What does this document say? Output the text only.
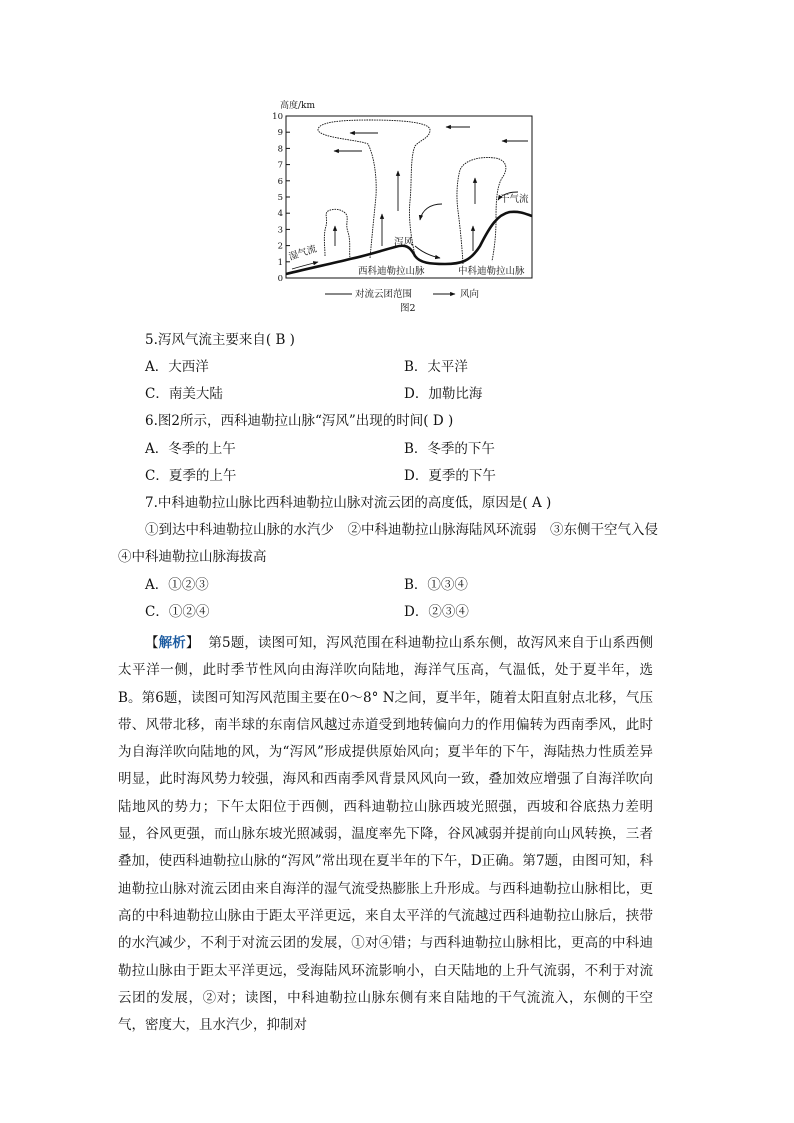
高度/km
0
1
2
3
4
5
6
7
8
9
10
湿气流
泻风
干气流
西科迪勒拉山脉	中科迪勒拉山脉
对流云团范围	风向
图2
5.泻风气流主要来自( B )
A．大西洋	B．太平洋
C．南美大陆	D．加勒比海
6.图2所示，西科迪勒拉山脉“泻风”出现的时间( D )
A．冬季的上午	B．冬季的下午
C．夏季的上午	D．夏季的下午
7.中科迪勒拉山脉比西科迪勒拉山脉对流云团的高度低，原因是( A )
①到达中科迪勒拉山脉的水汽少　②中科迪勒拉山脉海陆风环流弱　③东侧干空气入侵
④中科迪勒拉山脉海拔高
A．①②③	B．①③④
C．①②④	D．②③④
【解析】 第5题，读图可知，泻风范围在科迪勒拉山系东侧，故泻风来自于山系西侧太平洋一侧，此时季节性风向由海洋吹向陆地，海洋气压高，气温低，处于夏半年，选B。第6题，读图可知泻风范围主要在0～8° N之间，夏半年，随着太阳直射点北移，气压带、风带北移，南半球的东南信风越过赤道受到地转偏向力的作用偏转为西南季风，此时为自海洋吹向陆地的风，为“泻风”形成提供原始风向；夏半年的下午，海陆热力性质差异明显，此时海风势力较强，海风和西南季风背景风风向一致，叠加效应增强了自海洋吹向陆地风的势力；下午太阳位于西侧，西科迪勒拉山脉西坡光照强，西坡和谷底热力差明显，谷风更强，而山脉东坡光照减弱，温度率先下降，谷风减弱并提前向山风转换，三者叠加，使西科迪勒拉山脉的“泻风”常出现在夏半年的下午，D正确。第7题，由图可知，科迪勒拉山脉对流云团由来自海洋的湿气流受热膨胀上升形成。与西科迪勒拉山脉相比，更高的中科迪勒拉山脉由于距太平洋更远，来自太平洋的气流越过西科迪勒拉山脉后，挟带的水汽减少，不利于对流云团的发展，①对④错；与西科迪勒拉山脉相比，更高的中科迪勒拉山脉由于距太平洋更远，受海陆风环流影响小，白天陆地的上升气流弱，不利于对流云团的发展，②对；读图，中科迪勒拉山脉东侧有来自陆地的干气流流入，东侧的干空气，密度大，且水汽少，抑制对
